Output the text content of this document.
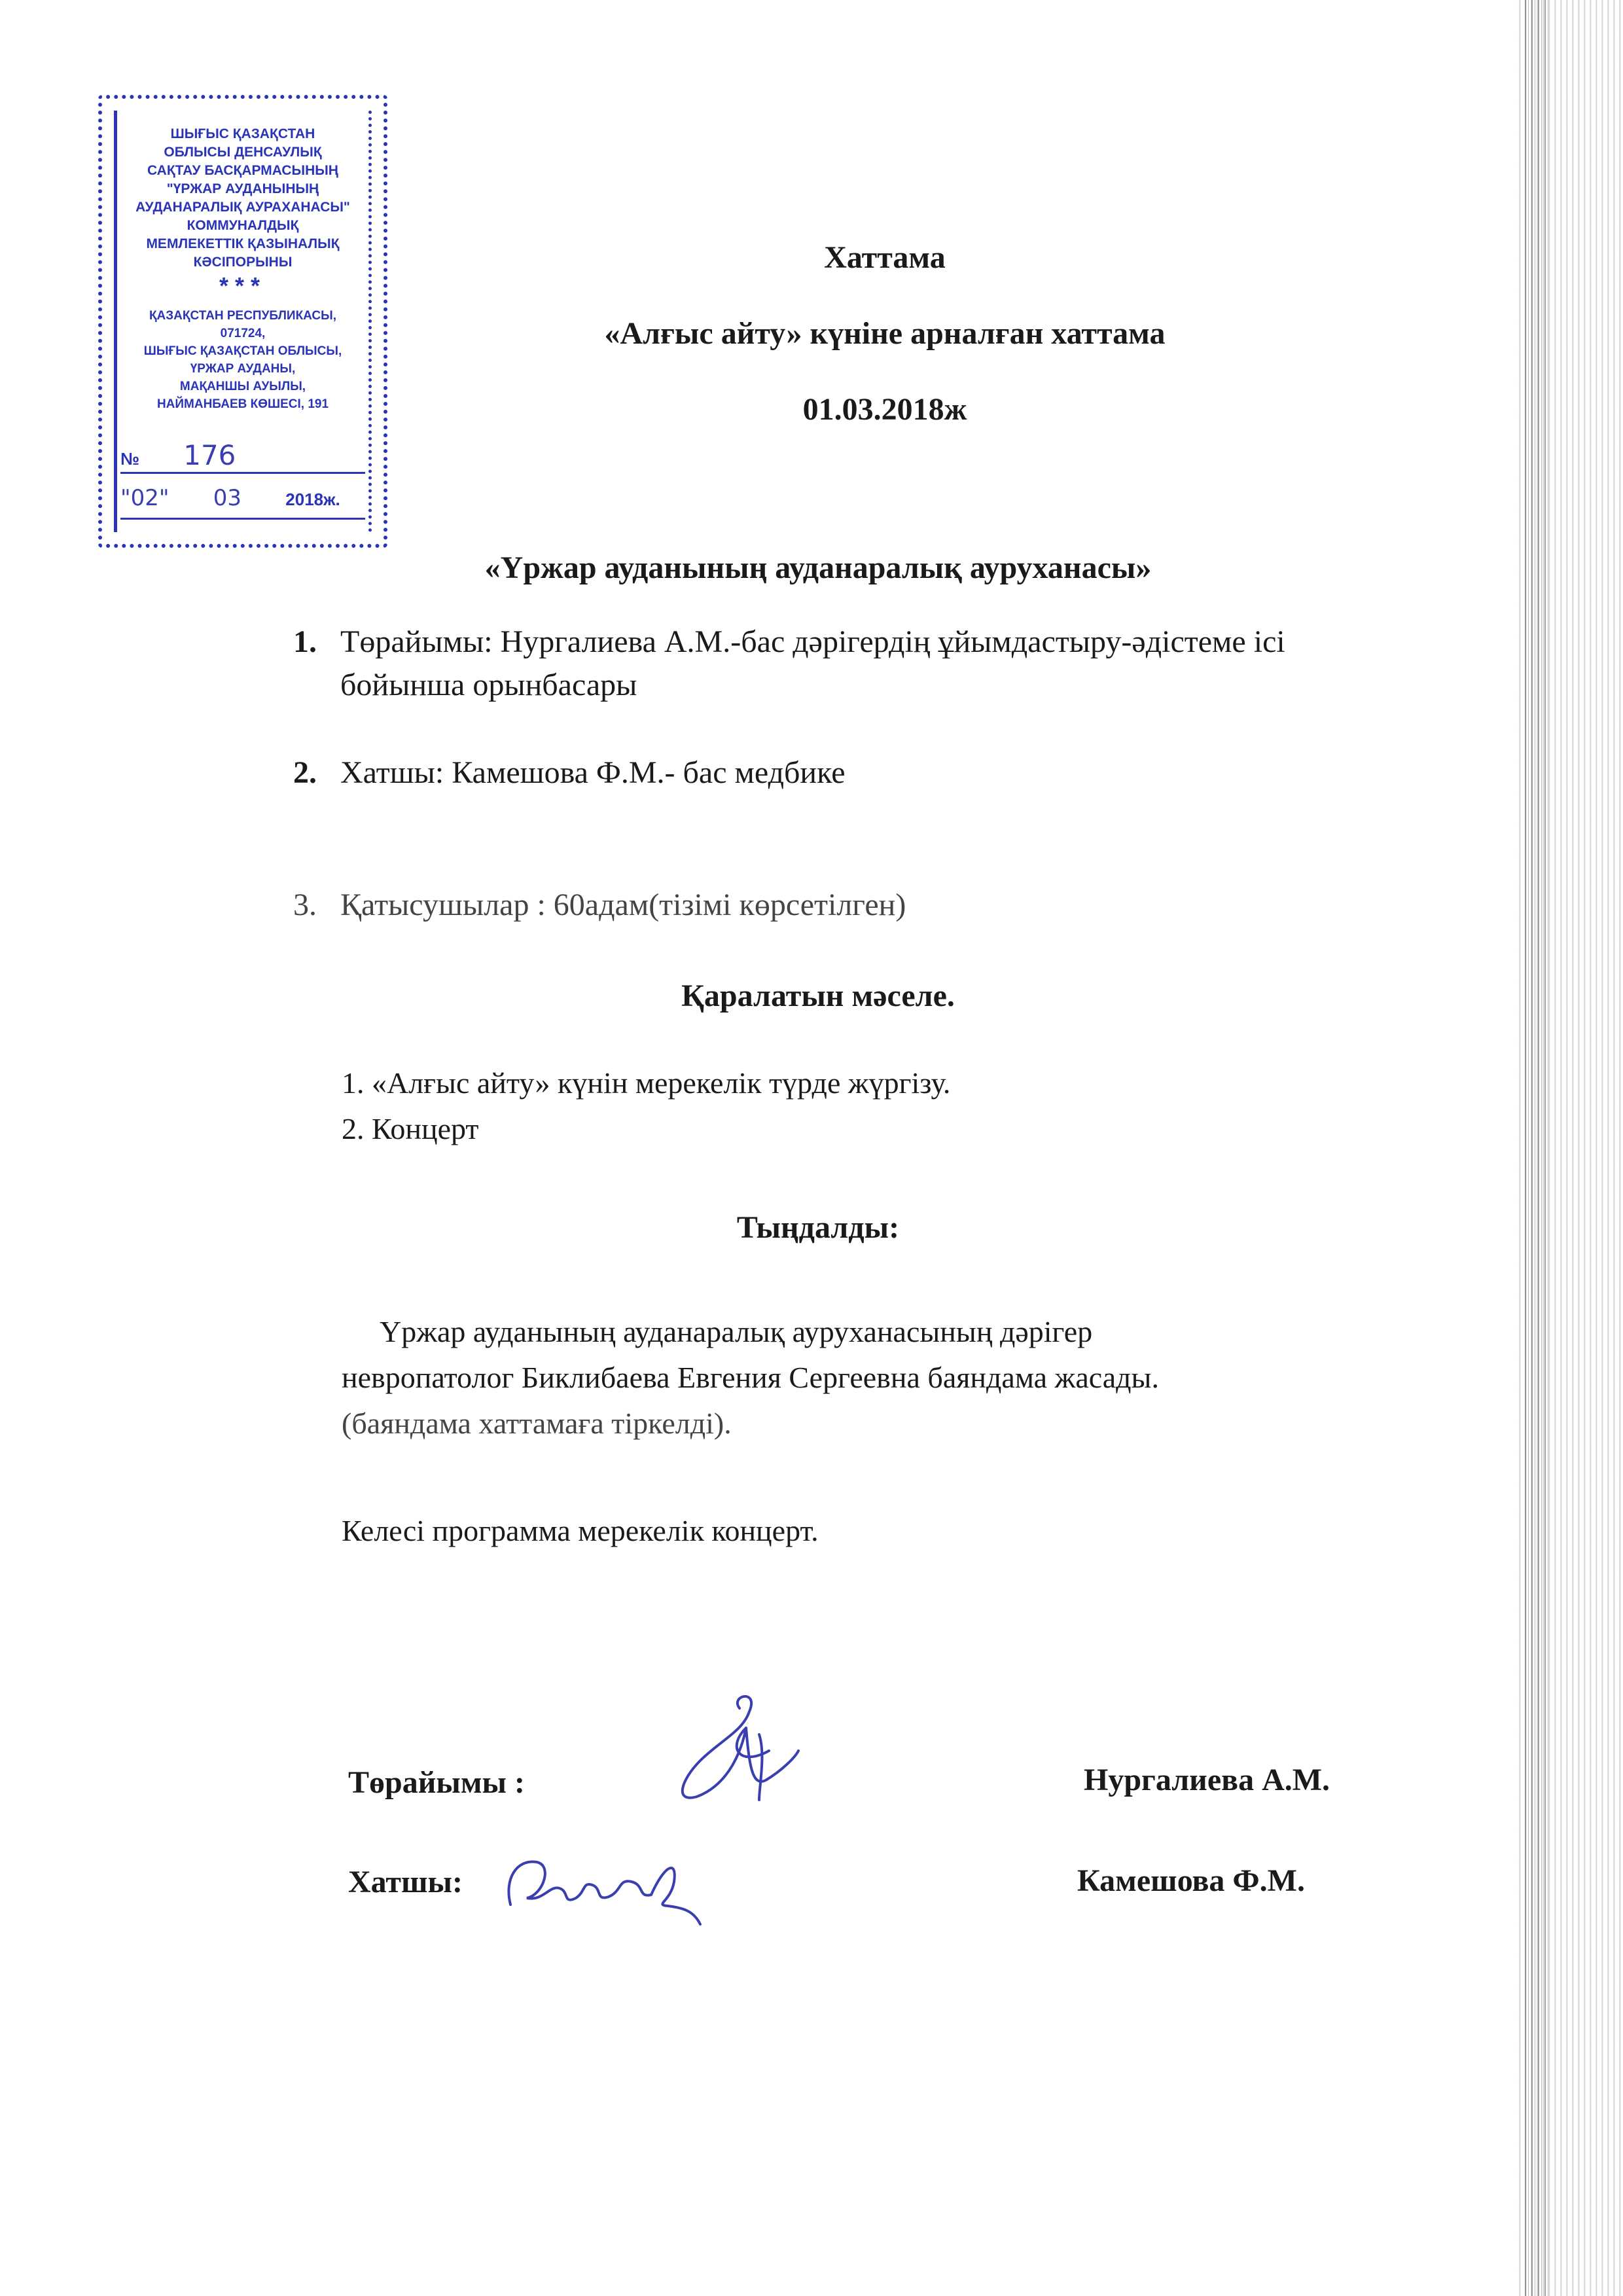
ШЫҒЫС ҚАЗАҚСТАН
ОБЛЫСЫ ДЕНСАУЛЫҚ
САҚТАУ БАСҚАРМАСЫНЫҢ
"ҮРЖАР АУДАНЫНЫҢ
АУДАНАРАЛЫҚ АУРАХАНАСЫ"
КОММУНАЛДЫҚ
МЕМЛЕКЕТТІК ҚАЗЫНАЛЫҚ
КӘСІПОРЫНЫ
***
ҚАЗАҚСТАН РЕСПУБЛИКАСЫ,
071724,
ШЫҒЫС ҚАЗАҚСТАН ОБЛЫСЫ,
ҮРЖАР АУДАНЫ,
МАҚАНШЫ АУЫЛЫ,
НАЙМАНБАЕВ КӨШЕСІ, 191
№ 176
"02" 03	2018ж.
Хаттама
«Алғыс айту» күніне арналған хаттама
01.03.2018ж
«Үржар ауданының ауданаралық ауруханасы»
1. Төрайымы: Нургалиева А.М.-бас дәрігердің ұйымдастыру-әдістеме ісі
бойынша орынбасары
2. Хатшы: Камешова Ф.М.- бас медбике
3. Қатысушылар : 60адам(тізімі көрсетілген)
Қаралатын мәселе.
1. «Алғыс айту» күнін мерекелік түрде жүргізу.
2. Концерт
Тыңдалды:
Үржар ауданының ауданаралық ауруханасының дәрігер
невропатолог Биклибаева Евгения Сергеевна баяндама жасады.
(баяндама хаттамаға тіркелді).
Келесі программа мерекелік концерт.
Төрайымы :	Нургалиева А.М.
Хатшы:	Камешова Ф.М.
